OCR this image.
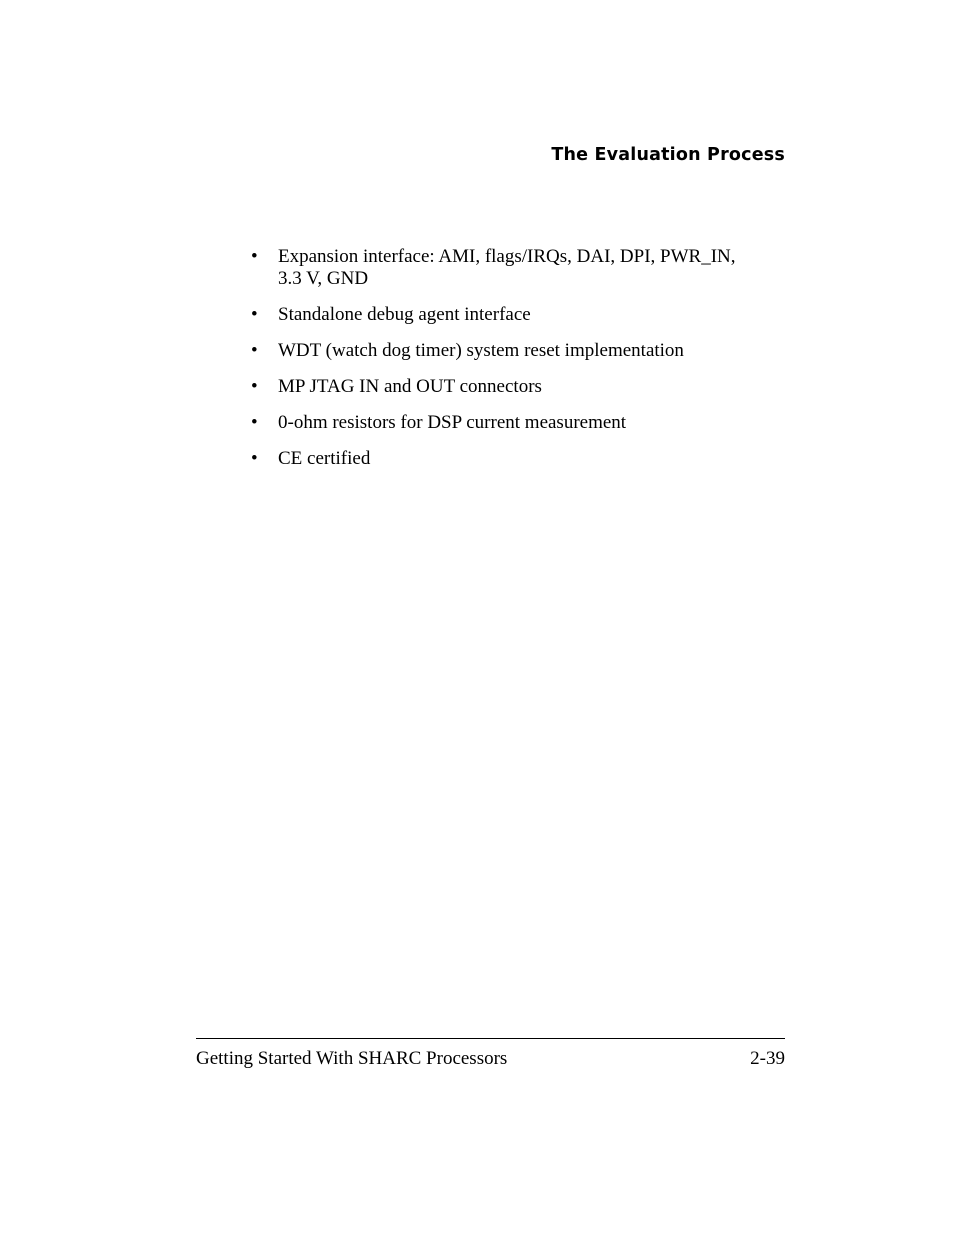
The Evaluation Process
• Expansion interface: AMI, flags/IRQs, DAI, DPI, PWR_IN,
3.3 V, GND
• Standalone debug agent interface
• WDT (watch dog timer) system reset implementation
• MP JTAG IN and OUT connectors
• 0-ohm resistors for DSP current measurement
• CE certified
Getting Started With SHARC Processors	2-39
